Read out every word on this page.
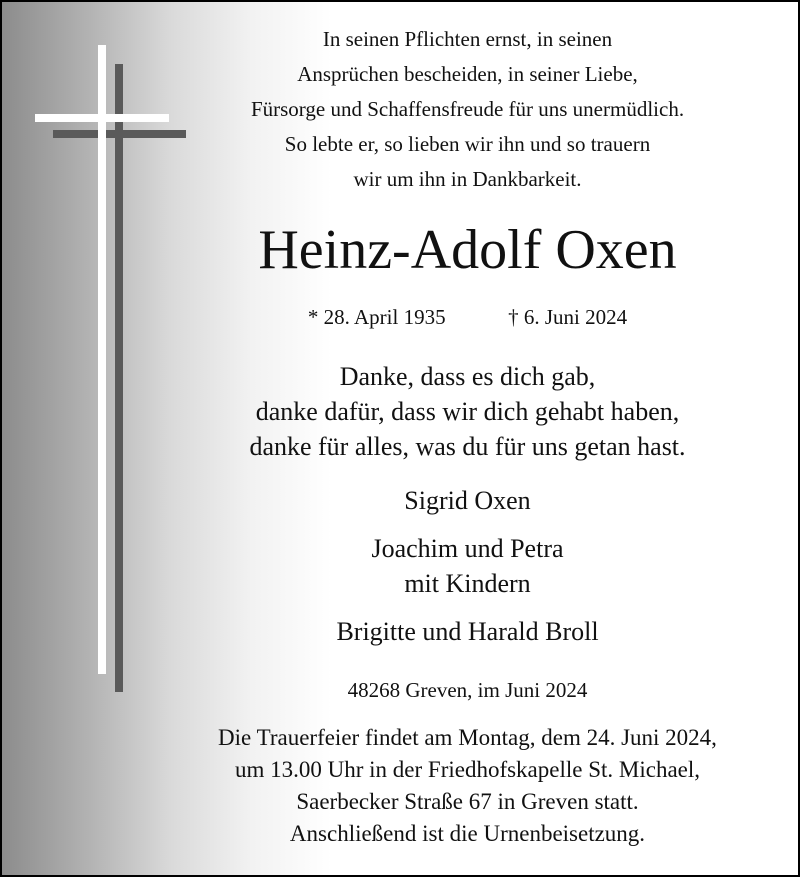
In seinen Pflichten ernst, in seinen
Ansprüchen bescheiden, in seiner Liebe,
Fürsorge und Schaffensfreude für uns unermüdlich.
So lebte er, so lieben wir ihn und so trauern
wir um ihn in Dankbarkeit.
Heinz-Adolf Oxen
* 28. April 1935	† 6. Juni 2024
Danke, dass es dich gab,
danke dafür, dass wir dich gehabt haben,
danke für alles, was du für uns getan hast.
Sigrid Oxen
Joachim und Petra
mit Kindern
Brigitte und Harald Broll
48268 Greven, im Juni 2024
Die Trauerfeier findet am Montag, dem 24. Juni 2024,
um 13.00 Uhr in der Friedhofskapelle St. Michael,
Saerbecker Straße 67 in Greven statt.
Anschließend ist die Urnenbeisetzung.
